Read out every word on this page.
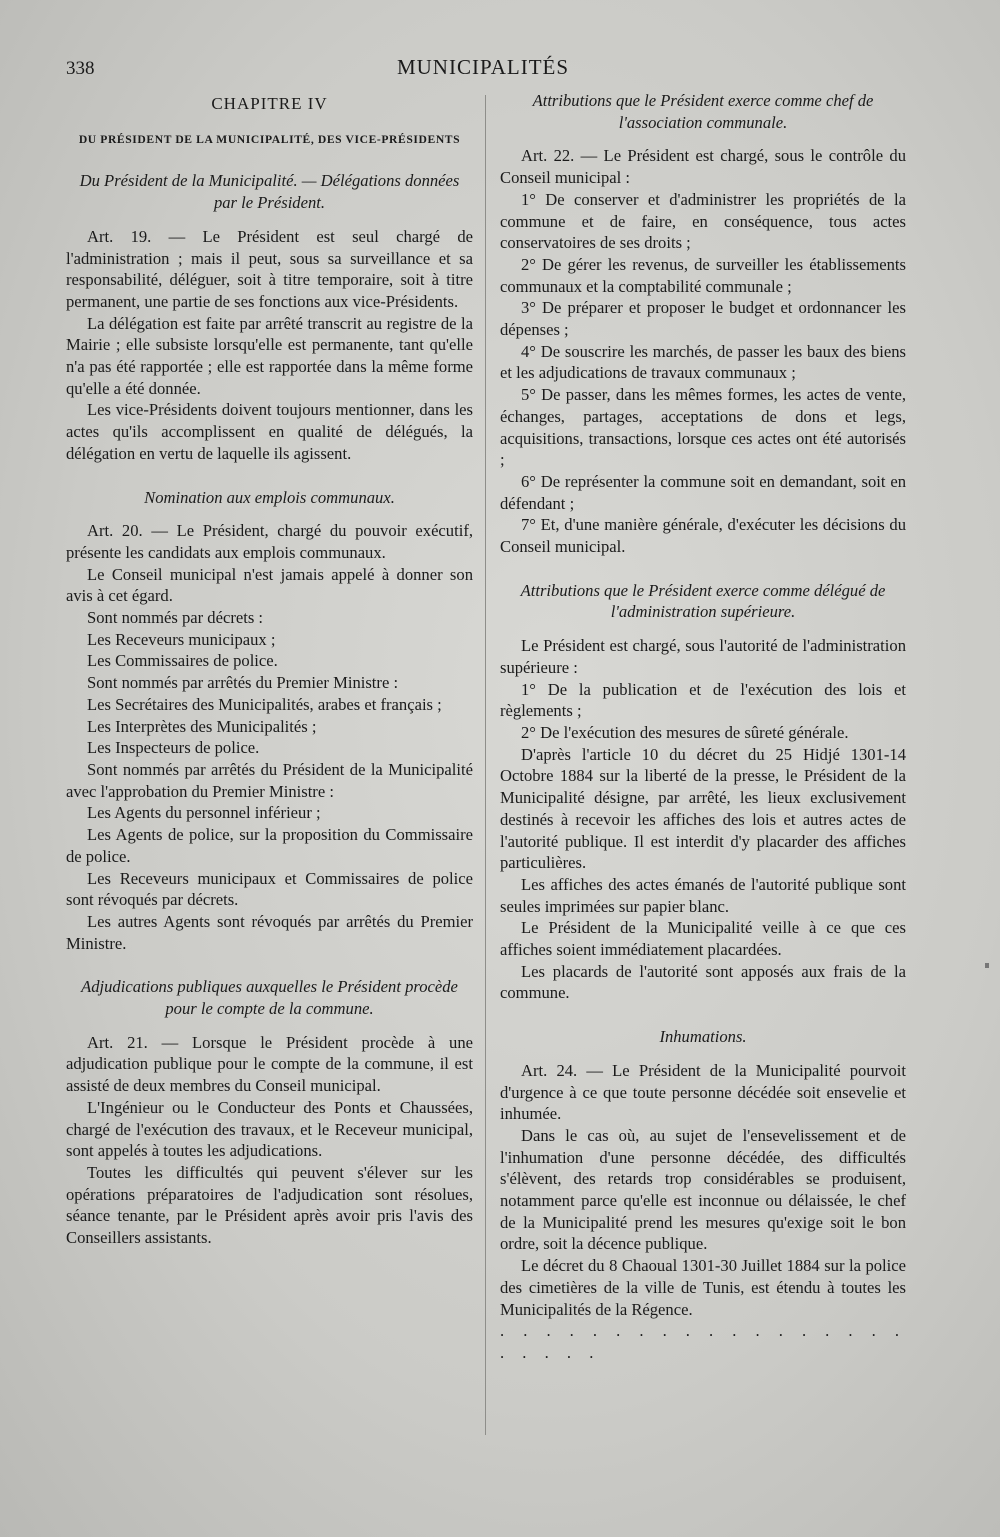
338	MUNICIPALITÉS
CHAPITRE IV
DU PRÉSIDENT DE LA MUNICIPALITÉ, DES VICE-PRÉSIDENTS
Du Président de la Municipalité. — Délégations données par le Président.

Art. 19. — Le Président est seul chargé de l'administration ; mais il peut, sous sa surveillance et sa responsabilité, déléguer, soit à titre temporaire, soit à titre permanent, une partie de ses fonctions aux vice-Présidents.

La délégation est faite par arrêté transcrit au registre de la Mairie ; elle subsiste lorsqu'elle est permanente, tant qu'elle n'a pas été rapportée ; elle est rapportée dans la même forme qu'elle a été donnée.

Les vice-Présidents doivent toujours mentionner, dans les actes qu'ils accomplissent en qualité de délégués, la délégation en vertu de laquelle ils agissent.

Nomination aux emplois communaux.

Art. 20. — Le Président, chargé du pouvoir exécutif, présente les candidats aux emplois communaux.

Le Conseil municipal n'est jamais appelé à donner son avis à cet égard.

Sont nommés par décrets :

Les Receveurs municipaux ;

Les Commissaires de police.

Sont nommés par arrêtés du Premier Ministre :

Les Secrétaires des Municipalités, arabes et français ;

Les Interprètes des Municipalités ;

Les Inspecteurs de police.

Sont nommés par arrêtés du Président de la Municipalité avec l'approbation du Premier Ministre :

Les Agents du personnel inférieur ;

Les Agents de police, sur la proposition du Commissaire de police.

Les Receveurs municipaux et Commissaires de police sont révoqués par décrets.

Les autres Agents sont révoqués par arrêtés du Premier Ministre.

Adjudications publiques auxquelles le Président procède pour le compte de la commune.

Art. 21. — Lorsque le Président procède à une adjudication publique pour le compte de la commune, il est assisté de deux membres du Conseil municipal.

L'Ingénieur ou le Conducteur des Ponts et Chaussées, chargé de l'exécution des travaux, et le Receveur municipal, sont appelés à toutes les adjudications.

Toutes les difficultés qui peuvent s'élever sur les opérations préparatoires de l'adjudication sont résolues, séance tenante, par le Président après avoir pris l'avis des Conseillers assistants.

Attributions que le Président exerce comme chef de l'association communale.

Art. 22. — Le Président est chargé, sous le contrôle du Conseil municipal :

1° De conserver et d'administrer les propriétés de la commune et de faire, en conséquence, tous actes conservatoires de ses droits ;

2° De gérer les revenus, de surveiller les établissements communaux et la comptabilité communale ;

3° De préparer et proposer le budget et ordonnancer les dépenses ;

4° De souscrire les marchés, de passer les baux des biens et les adjudications de travaux communaux ;

5° De passer, dans les mêmes formes, les actes de vente, échanges, partages, acceptations de dons et legs, acquisitions, transactions, lorsque ces actes ont été autorisés ;

6° De représenter la commune soit en demandant, soit en défendant ;

7° Et, d'une manière générale, d'exécuter les décisions du Conseil municipal.

Attributions que le Président exerce comme délégué de l'administration supérieure.

Le Président est chargé, sous l'autorité de l'administration supérieure :

1° De la publication et de l'exécution des lois et règlements ;

2° De l'exécution des mesures de sûreté générale.

D'après l'article 10 du décret du 25 Hidjé 1301-14 Octobre 1884 sur la liberté de la presse, le Président de la Municipalité désigne, par arrêté, les lieux exclusivement destinés à recevoir les affiches des lois et autres actes de l'autorité publique. Il est interdit d'y placarder des affiches particulières.

Les affiches des actes émanés de l'autorité publique sont seules imprimées sur papier blanc.

Le Président de la Municipalité veille à ce que ces affiches soient immédiatement placardées.

Les placards de l'autorité sont apposés aux frais de la commune.

Inhumations.

Art. 24. — Le Président de la Municipalité pourvoit d'urgence à ce que toute personne décédée soit ensevelie et inhumée.

Dans le cas où, au sujet de l'ensevelissement et de l'inhumation d'une personne décédée, des difficultés s'élèvent, des retards trop considérables se produisent, notamment parce qu'elle est inconnue ou délaissée, le chef de la Municipalité prend les mesures qu'exige soit le bon ordre, soit la décence publique.

Le décret du 8 Chaoual 1301-30 Juillet 1884 sur la police des cimetières de la ville de Tunis, est étendu à toutes les Municipalités de la Régence.

. . . . . . . . . . . . . . . . . . . . . . .
